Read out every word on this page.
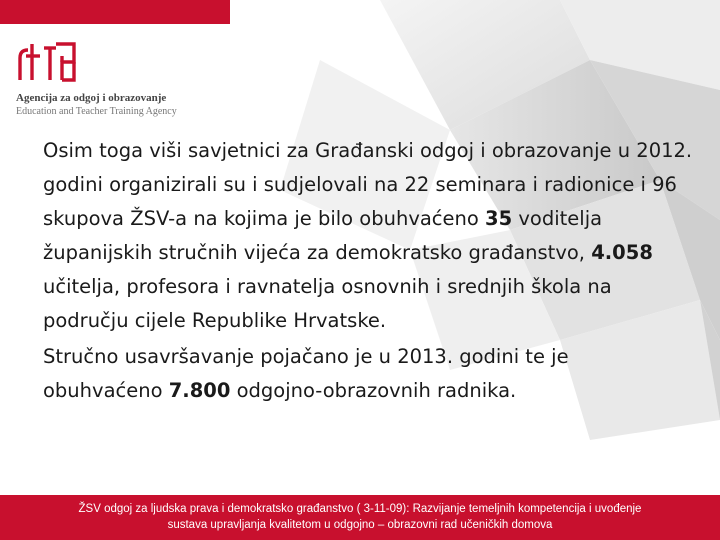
Agencija za odgoj i obrazovanje

Education and Teacher Training Agency

Osim toga viši savjetnici za Građanski odgoj i obrazovanje u 2012. godini organizirali su i sudjelovali na 22 seminara i radionice i 96 skupova ŽSV-a na kojima je bilo obuhvaćeno 35 voditelja županijskih stručnih vijeća za demokratsko građanstvo, 4.058 učitelja, profesora i ravnatelja osnovnih i srednjih škola na području cijele Republike Hrvatske.

Stručno usavršavanje pojačano je u 2013. godini te je obuhvaćeno 7.800 odgojno-obrazovnih radnika.

ŽSV odgoj za ljudska prava i demokratsko građanstvo ( 3-11-09): Razvijanje temeljnih kompetencija i uvođenje
sustava upravljanja kvalitetom u odgojno – obrazovni rad učeničkih domova
